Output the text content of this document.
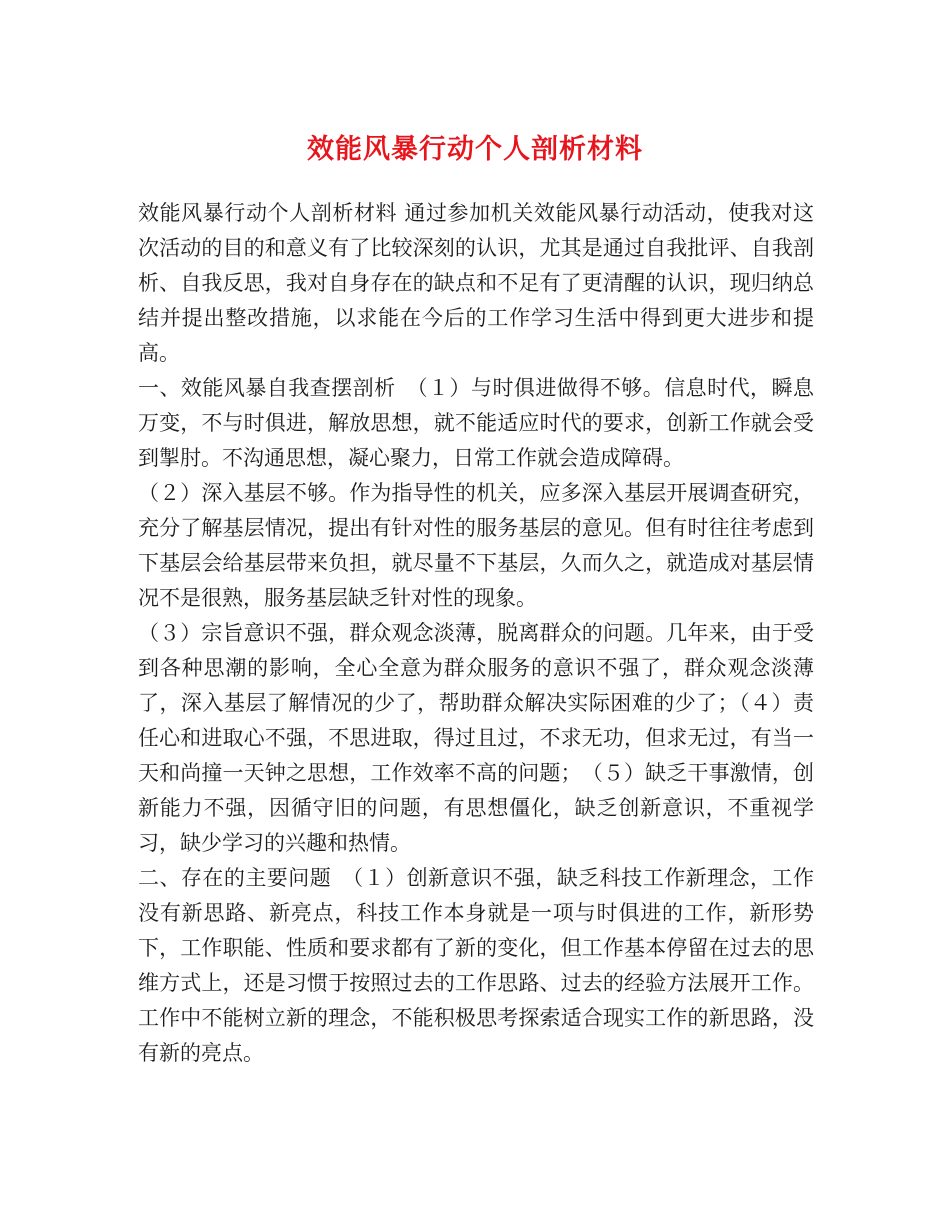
效能风暴行动个人剖析材料

效能风暴行动个人剖析材料 通过参加机关效能风暴行动活动，使我对这次活动的目的和意义有了比较深刻的认识，尤其是通过自我批评、自我剖析、自我反思，我对自身存在的缺点和不足有了更清醒的认识，现归纳总结并提出整改措施，以求能在今后的工作学习生活中得到更大进步和提高。

一、效能风暴自我查摆剖析　（１）与时俱进做得不够。信息时代，瞬息万变，不与时俱进，解放思想，就不能适应时代的要求，创新工作就会受到掣肘。不沟通思想，凝心聚力，日常工作就会造成障碍。

（２）深入基层不够。作为指导性的机关，应多深入基层开展调查研究，充分了解基层情况，提出有针对性的服务基层的意见。但有时往往考虑到下基层会给基层带来负担，就尽量不下基层，久而久之，就造成对基层情况不是很熟，服务基层缺乏针对性的现象。

（３）宗旨意识不强，群众观念淡薄，脱离群众的问题。几年来，由于受到各种思潮的影响，全心全意为群众服务的意识不强了，群众观念淡薄了，深入基层了解情况的少了，帮助群众解决实际困难的少了；（４）责任心和进取心不强，不思进取，得过且过，不求无功，但求无过，有当一天和尚撞一天钟之思想，工作效率不高的问题；　（５）缺乏干事激情，创新能力不强，因循守旧的问题，有思想僵化，缺乏创新意识，不重视学习，缺少学习的兴趣和热情。

二、存在的主要问题　（１）创新意识不强，缺乏科技工作新理念，工作没有新思路、新亮点，科技工作本身就是一项与时俱进的工作，新形势下，工作职能、性质和要求都有了新的变化，但工作基本停留在过去的思维方式上，还是习惯于按照过去的工作思路、过去的经验方法展开工作。工作中不能树立新的理念，不能积极思考探索适合现实工作的新思路，没有新的亮点。
